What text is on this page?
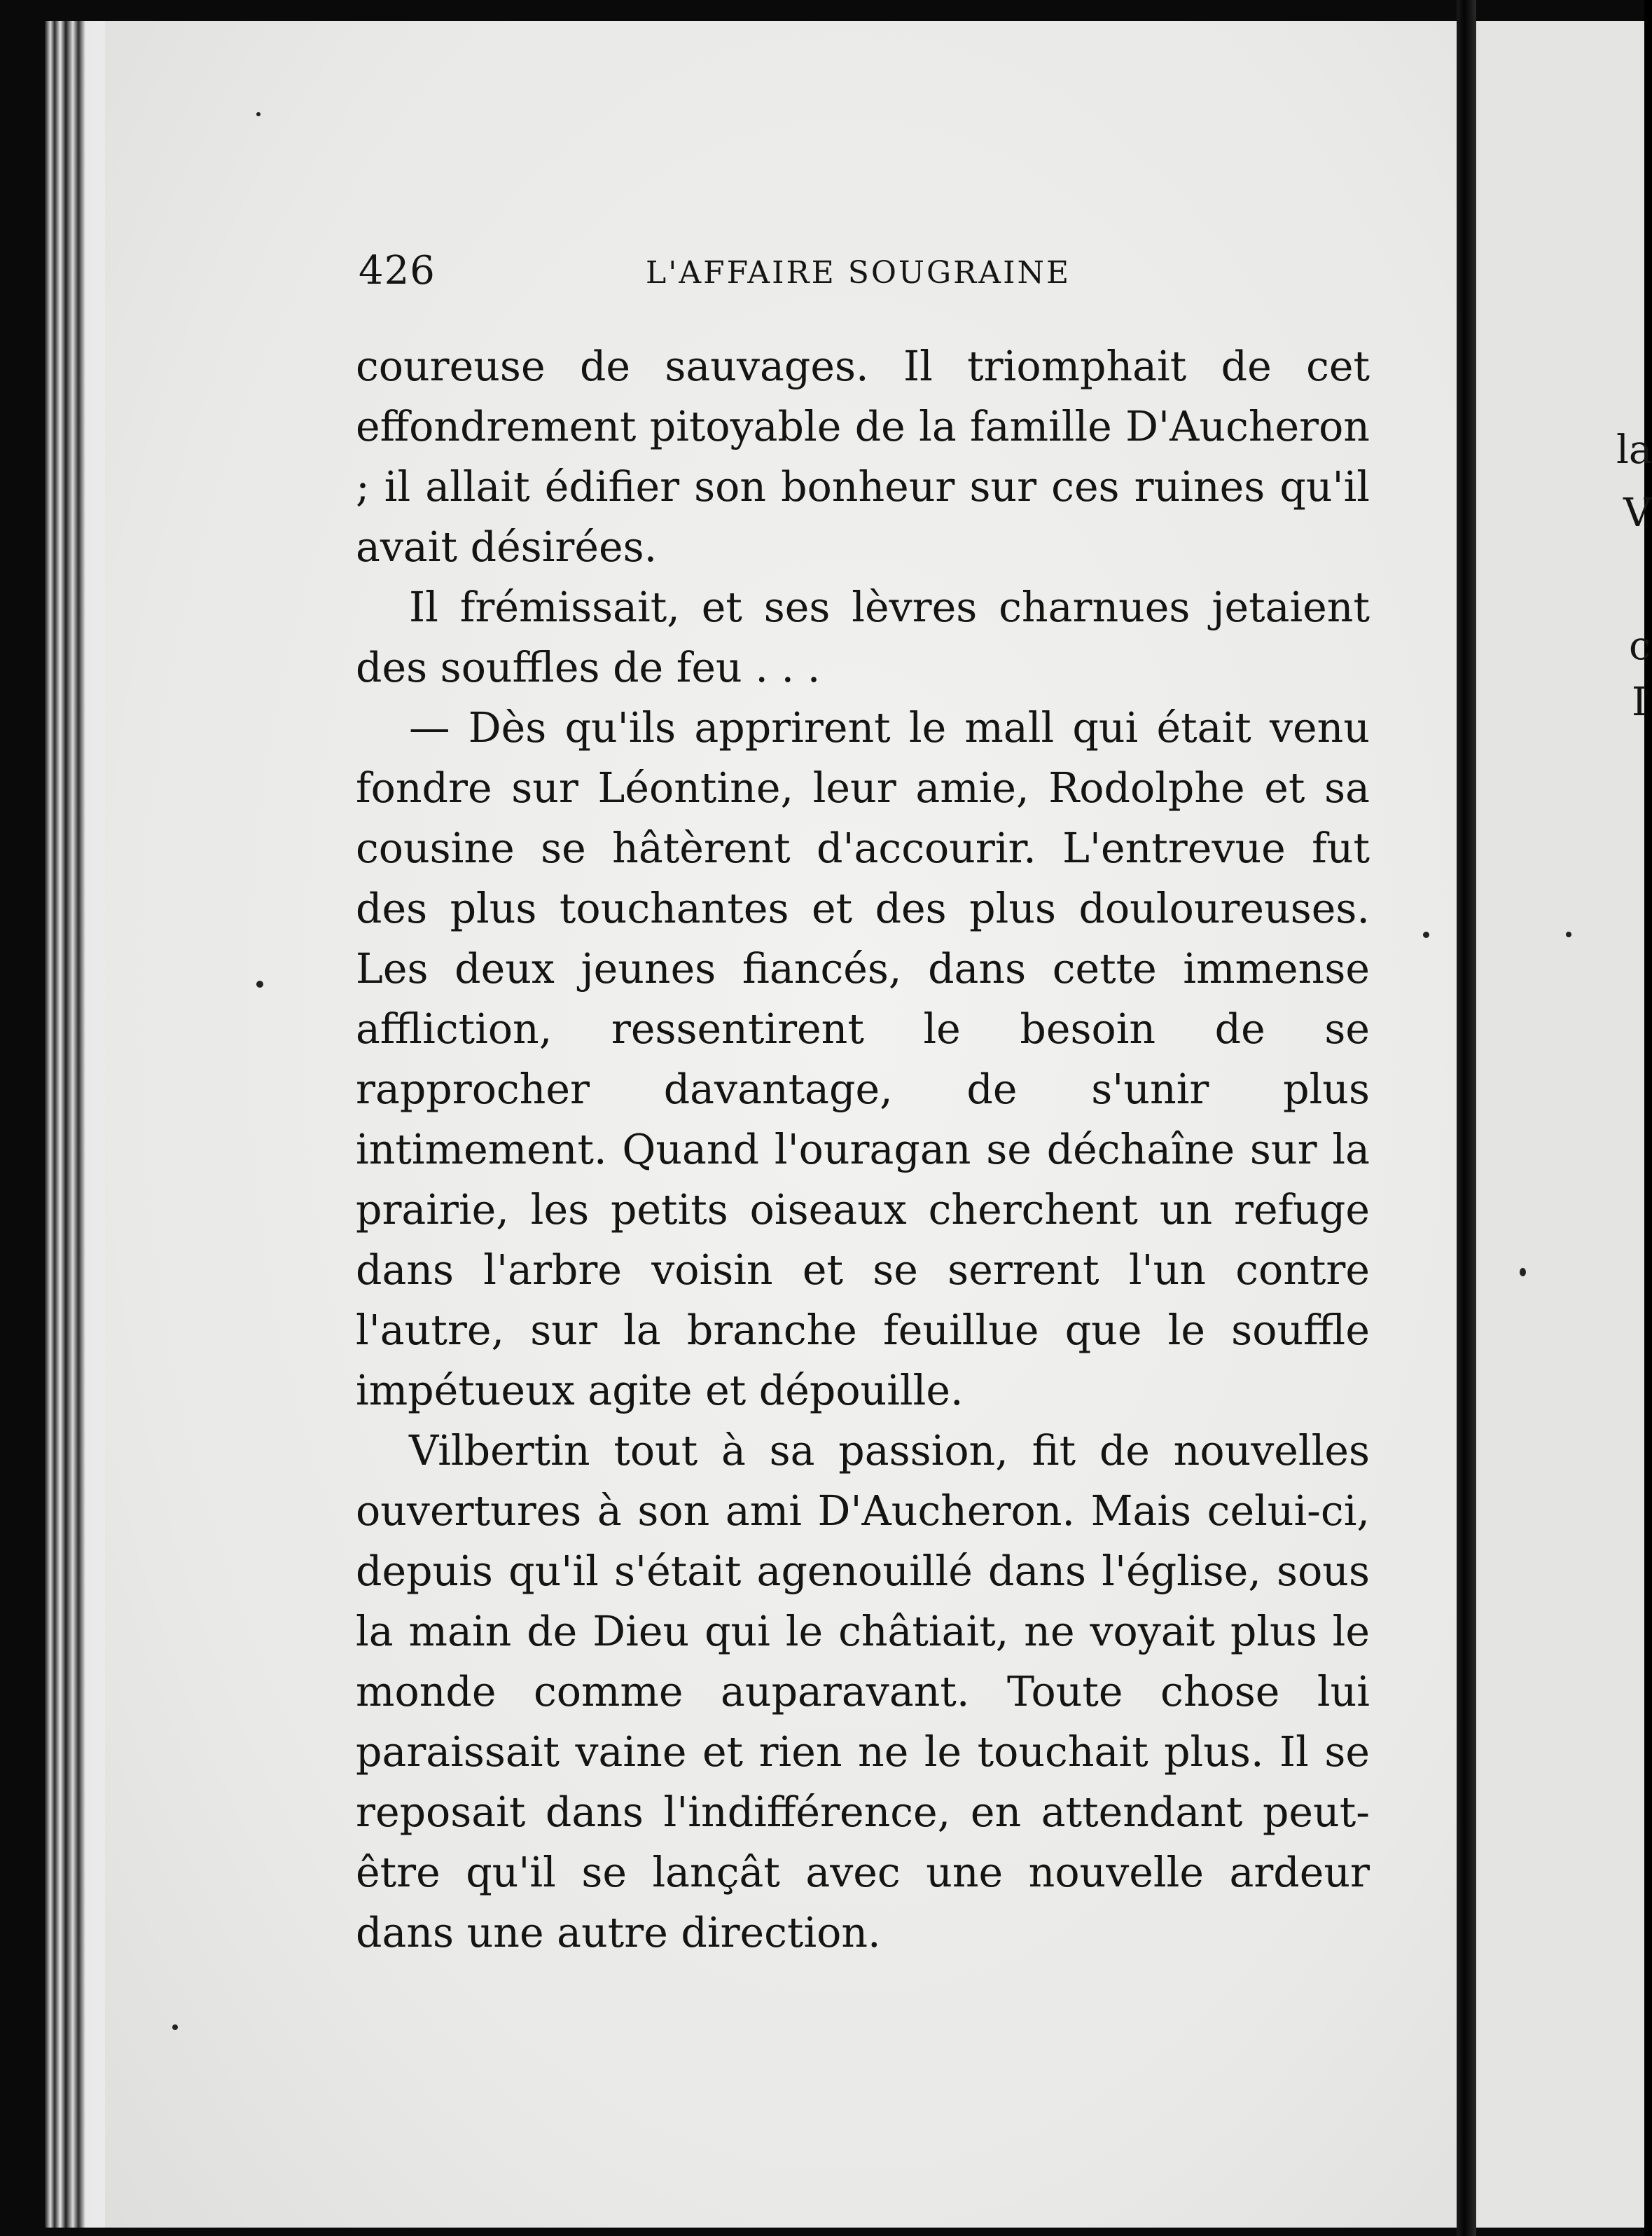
426	L'AFFAIRE SOUGRAINE

coureuse de sauvages. Il triomphait de cet effondrement pitoyable de la famille D'Aucheron ; il allait édifier son bonheur sur ces ruines qu'il avait désirées.

Il frémissait, et ses lèvres charnues jetaient des souffles de feu . . .

— Dès qu'ils apprirent le mall qui était venu fondre sur Léontine, leur amie, Rodolphe et sa cousine se hâtèrent d'accourir. L'entrevue fut des plus touchantes et des plus douloureuses. Les deux jeunes fiancés, dans cette immense affliction, ressentirent le besoin de se rapprocher davantage, de s'unir plus intimement. Quand l'ouragan se déchaîne sur la prairie, les petits oiseaux cherchent un refuge dans l'arbre voisin et se serrent l'un contre l'autre, sur la branche feuillue que le souffle impétueux agite et dépouille.

Vilbertin tout à sa passion, fit de nouvelles ouvertures à son ami D'Aucheron. Mais celui-ci, depuis qu'il s'était agenouillé dans l'église, sous la main de Dieu qui le châtiait, ne voyait plus le monde comme auparavant. Toute chose lui paraissait vaine et rien ne le touchait plus. Il se reposait dans l'indifférence, en attendant peut-être qu'il se lançât avec une nouvelle ardeur dans une autre direction.

la
V
c
I
